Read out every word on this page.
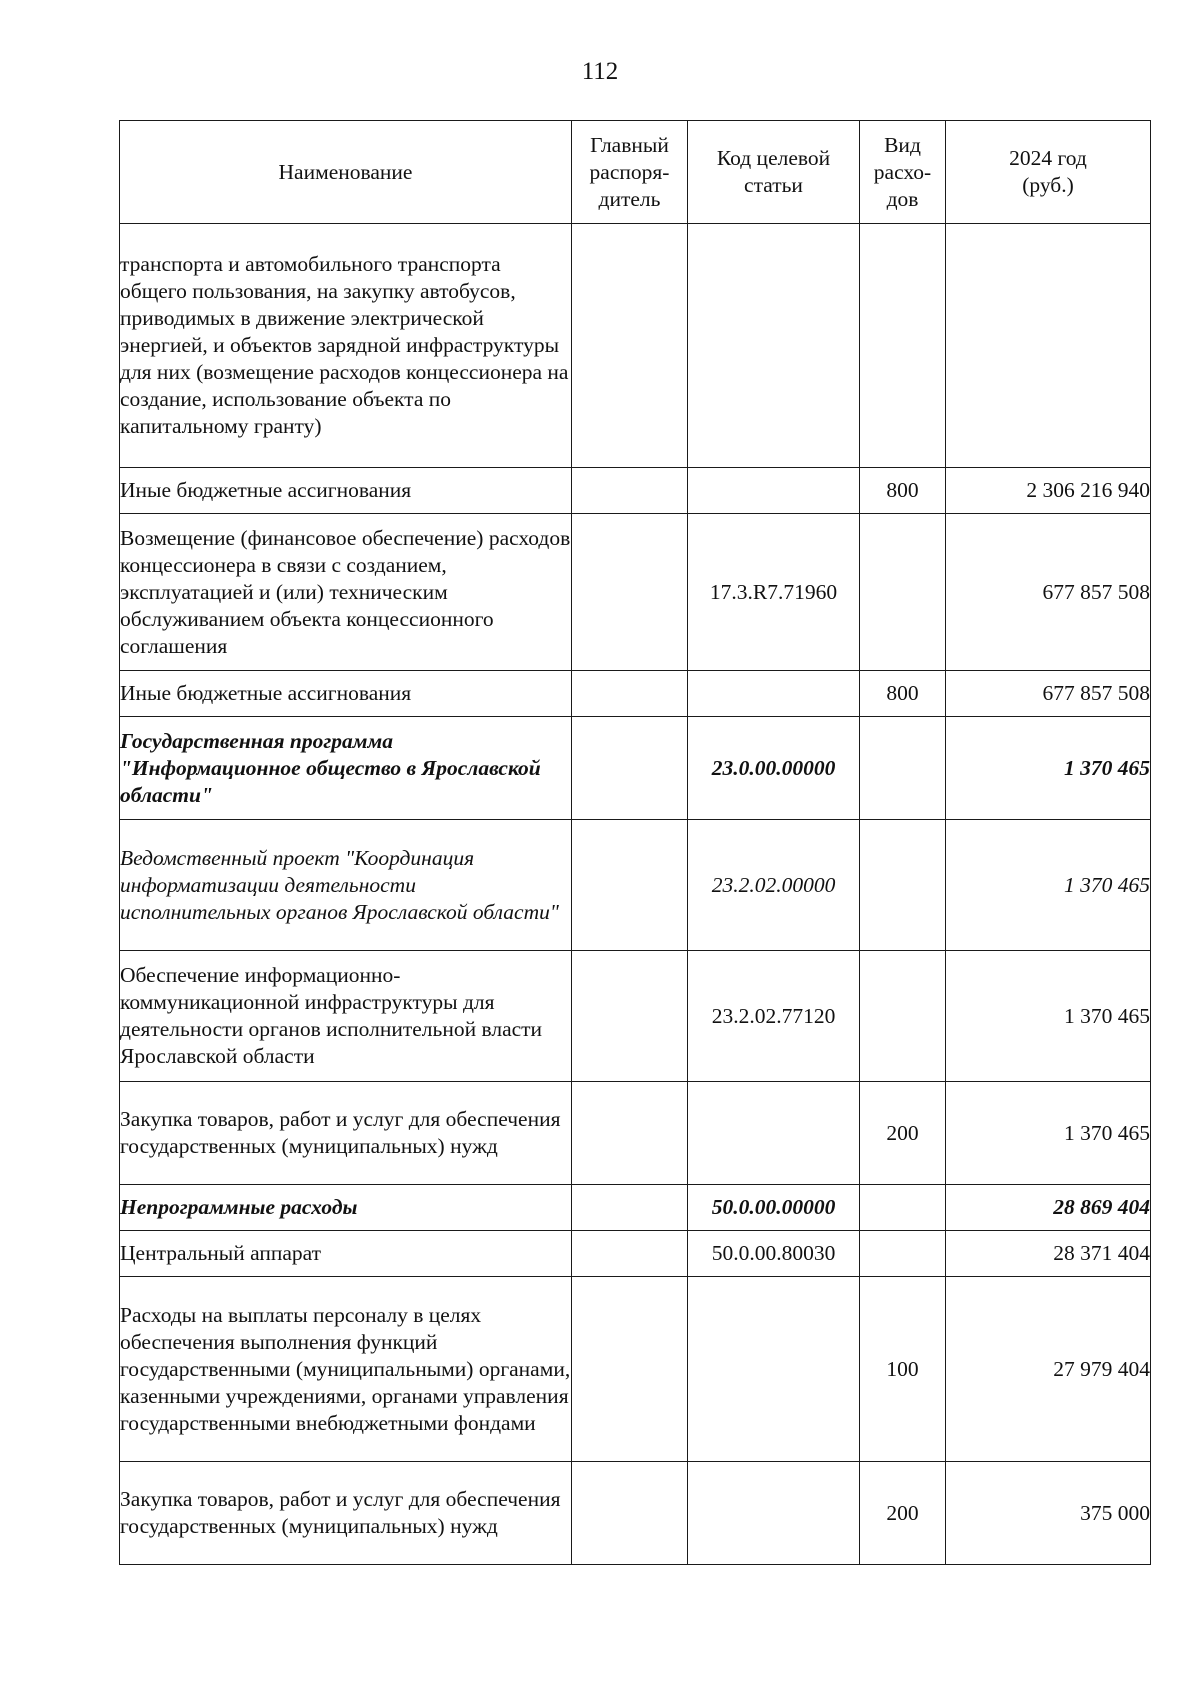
112
Наименование	Главный распоря-дитель	Код целевой статьи	Вид расхо-дов	2024 год (руб.)

транспорта и автомобильного транспорта общего пользования, на закупку автобусов, приводимых в движение электрической энергией, и объектов зарядной инфраструктуры для них (возмещение расходов концессионера на создание, использование объекта по капитальному гранту)				
Иные бюджетные ассигнования			800	2 306 216 940
Возмещение (финансовое обеспечение) расходов концессионера в связи с созданием, эксплуатацией и (или) техническим обслуживанием объекта концессионного соглашения		17.3.R7.71960		677 857 508
Иные бюджетные ассигнования			800	677 857 508
Государственная программа "Информационное общество в Ярославской области"		23.0.00.00000		1 370 465
Ведомственный проект "Координация информатизации деятельности исполнительных органов Ярославской области"		23.2.02.00000		1 370 465
Обеспечение информационно-коммуникационной инфраструктуры для деятельности органов исполнительной власти Ярославской области		23.2.02.77120		1 370 465
Закупка товаров, работ и услуг для обеспечения государственных (муниципальных) нужд			200	1 370 465
Непрограммные расходы		50.0.00.00000		28 869 404
Центральный аппарат		50.0.00.80030		28 371 404
Расходы на выплаты персоналу в целях обеспечения выполнения функций государственными (муниципальными) органами, казенными учреждениями, органами управления государственными внебюджетными фондами			100	27 979 404
Закупка товаров, работ и услуг для обеспечения государственных (муниципальных) нужд			200	375 000
